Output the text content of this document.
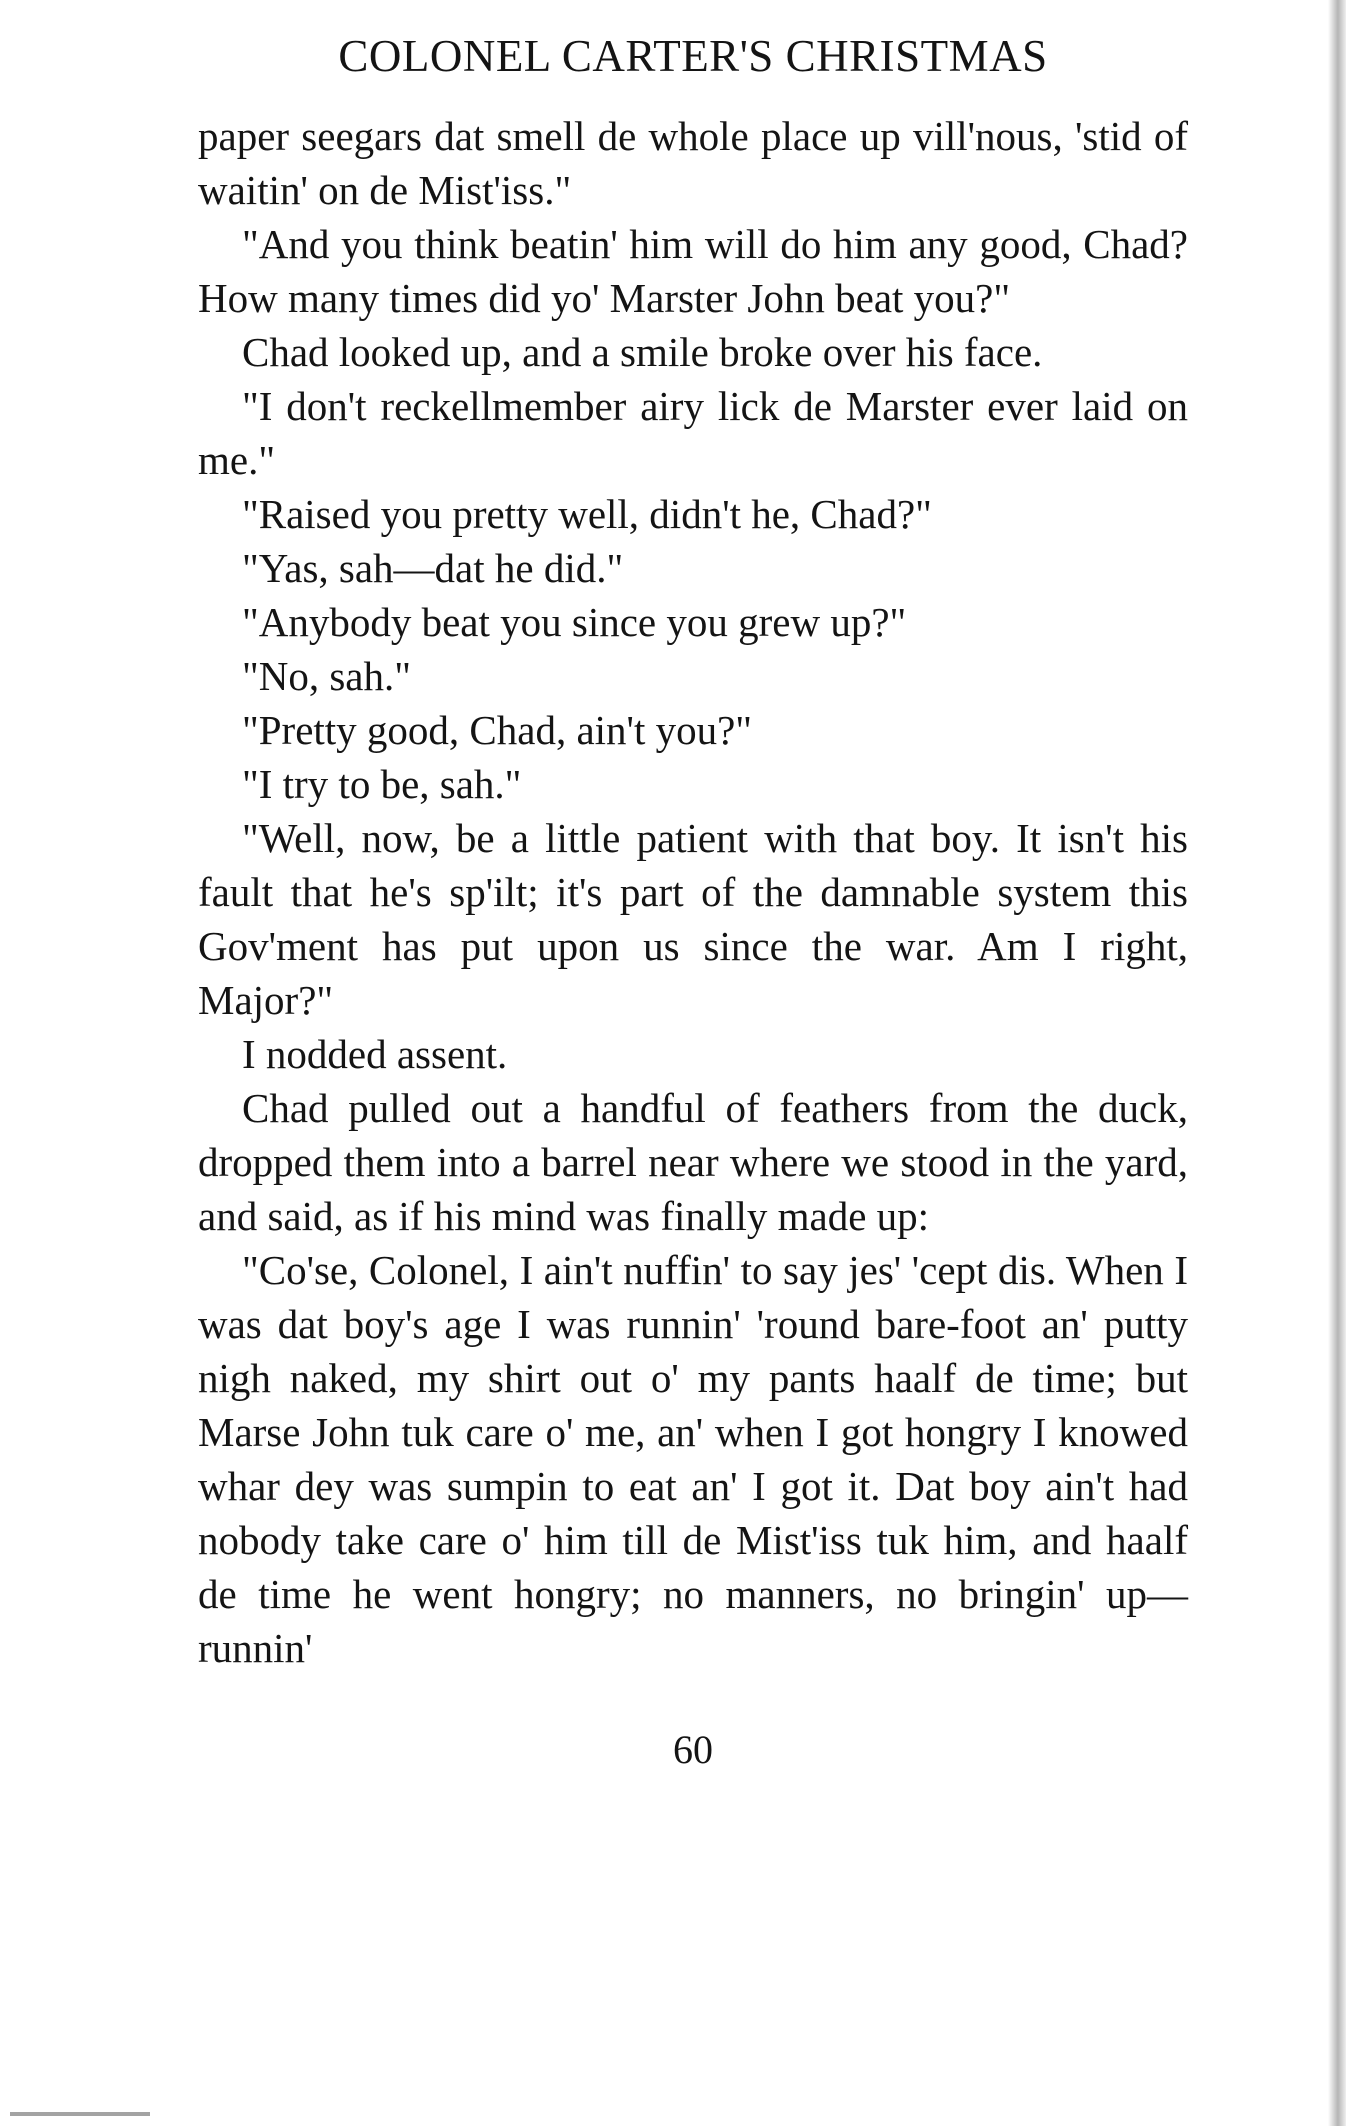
COLONEL CARTER'S CHRISTMAS

paper seegars dat smell de whole place up vill'nous, 'stid of waitin' on de Mist'iss."

"And you think beatin' him will do him any good, Chad? How many times did yo' Marster John beat you?"

Chad looked up, and a smile broke over his face.

"I don't reckellmember airy lick de Marster ever laid on me."

"Raised you pretty well, didn't he, Chad?"

"Yas, sah—dat he did."

"Anybody beat you since you grew up?"

"No, sah."

"Pretty good, Chad, ain't you?"

"I try to be, sah."

"Well, now, be a little patient with that boy. It isn't his fault that he's sp'ilt; it's part of the damnable system this Gov'ment has put upon us since the war. Am I right, Major?"

I nodded assent.

Chad pulled out a handful of feathers from the duck, dropped them into a barrel near where we stood in the yard, and said, as if his mind was finally made up:

"Co'se, Colonel, I ain't nuffin' to say jes' 'cept dis. When I was dat boy's age I was runnin' 'round bare-foot an' putty nigh naked, my shirt out o' my pants haalf de time; but Marse John tuk care o' me, an' when I got hongry I knowed whar dey was sumpin to eat an' I got it. Dat boy ain't had nobody take care o' him till de Mist'iss tuk him, and haalf de time he went hongry; no manners, no bringin' up—runnin'

60
